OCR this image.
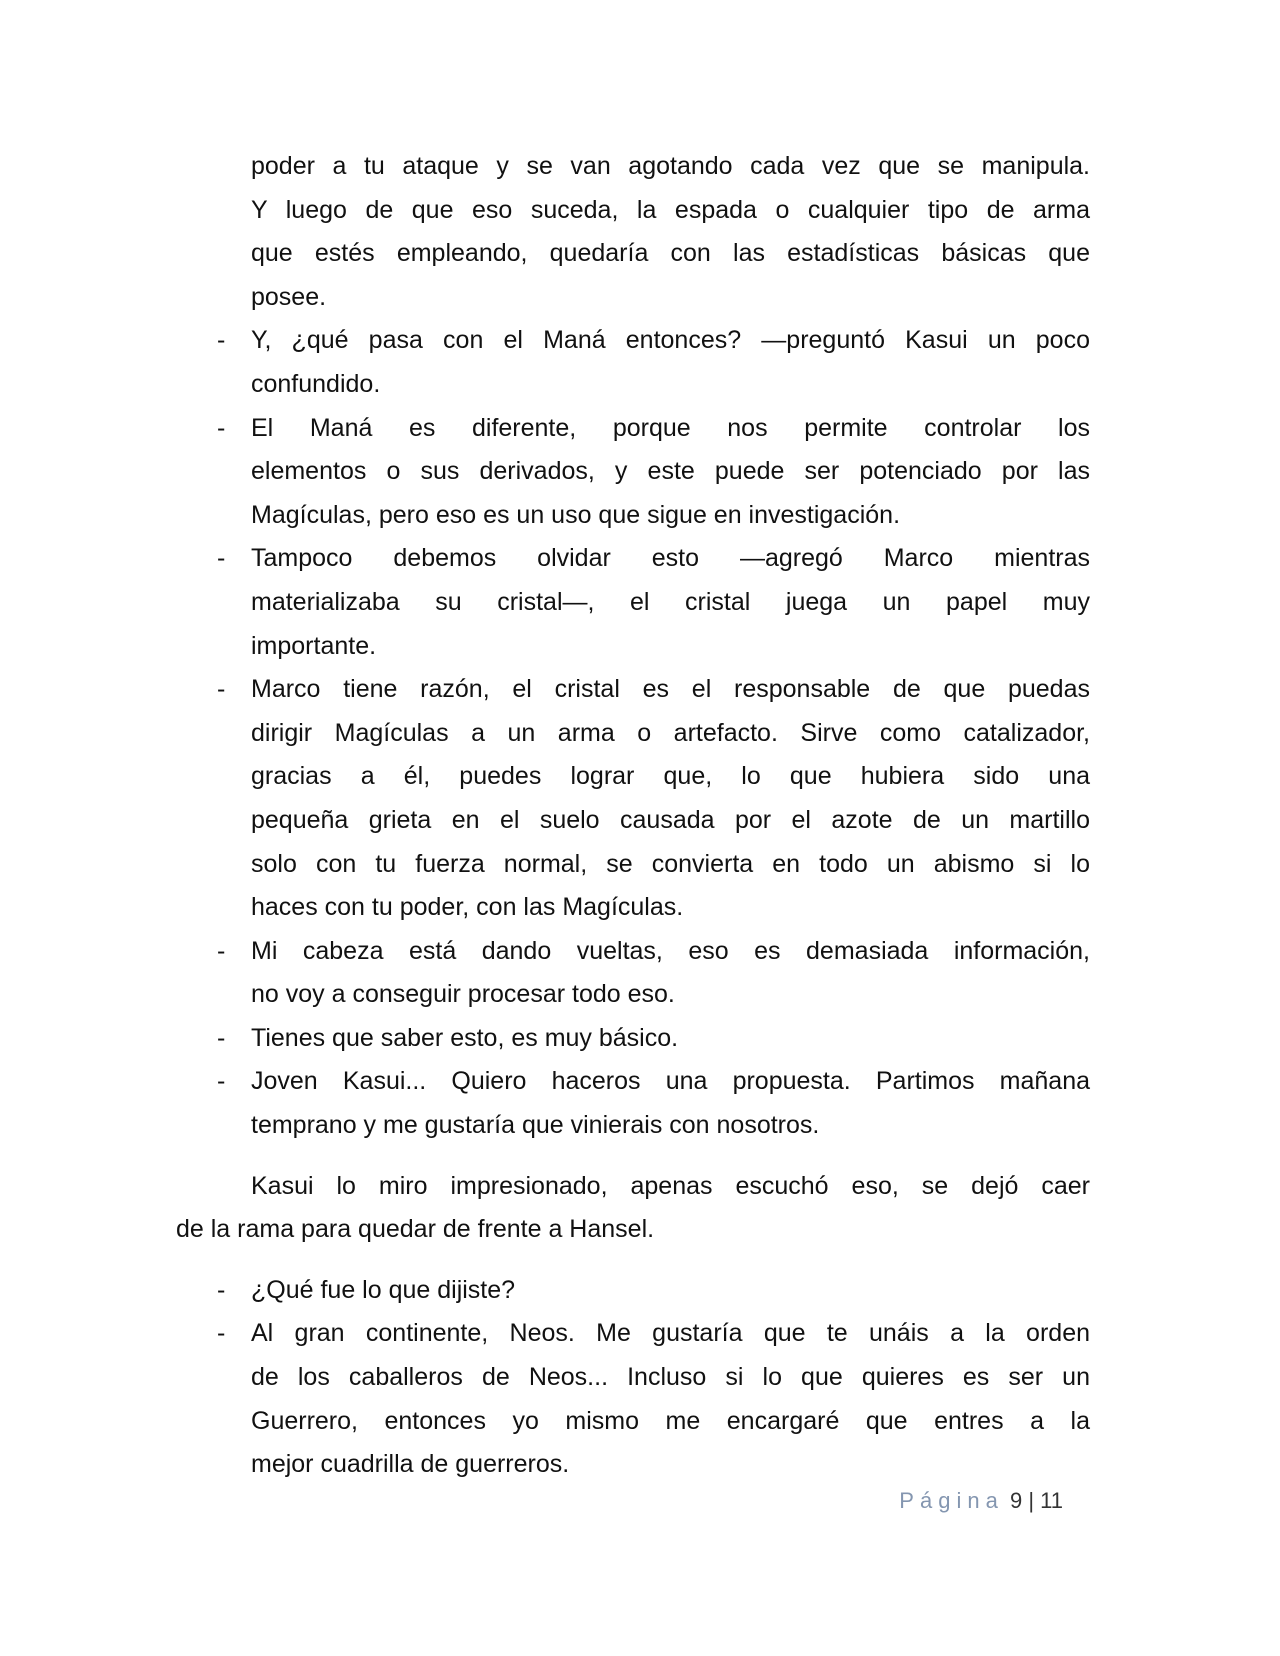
poder a tu ataque y se van agotando cada vez que se manipula.
Y luego de que eso suceda, la espada o cualquier tipo de arma
que estés empleando, quedaría con las estadísticas básicas que
posee.
- Y, ¿qué pasa con el Maná entonces? —preguntó Kasui un poco
confundido.
- El Maná es diferente, porque nos permite controlar los
elementos o sus derivados, y este puede ser potenciado por las
Magículas, pero eso es un uso que sigue en investigación.
- Tampoco debemos olvidar esto —agregó Marco mientras
materializaba su cristal—, el cristal juega un papel muy
importante.
- Marco tiene razón, el cristal es el responsable de que puedas
dirigir Magículas a un arma o artefacto. Sirve como catalizador,
gracias a él, puedes lograr que, lo que hubiera sido una
pequeña grieta en el suelo causada por el azote de un martillo
solo con tu fuerza normal, se convierta en todo un abismo si lo
haces con tu poder, con las Magículas.
- Mi cabeza está dando vueltas, eso es demasiada información,
no voy a conseguir procesar todo eso.
- Tienes que saber esto, es muy básico.
- Joven Kasui... Quiero haceros una propuesta. Partimos mañana
temprano y me gustaría que vinierais con nosotros.
Kasui lo miro impresionado, apenas escuchó eso, se dejó caer
de la rama para quedar de frente a Hansel.
- ¿Qué fue lo que dijiste?
- Al gran continente, Neos. Me gustaría que te unáis a la orden
de los caballeros de Neos... Incluso si lo que quieres es ser un
Guerrero, entonces yo mismo me encargaré que entres a la
mejor cuadrilla de guerreros.
Página 9 | 11
